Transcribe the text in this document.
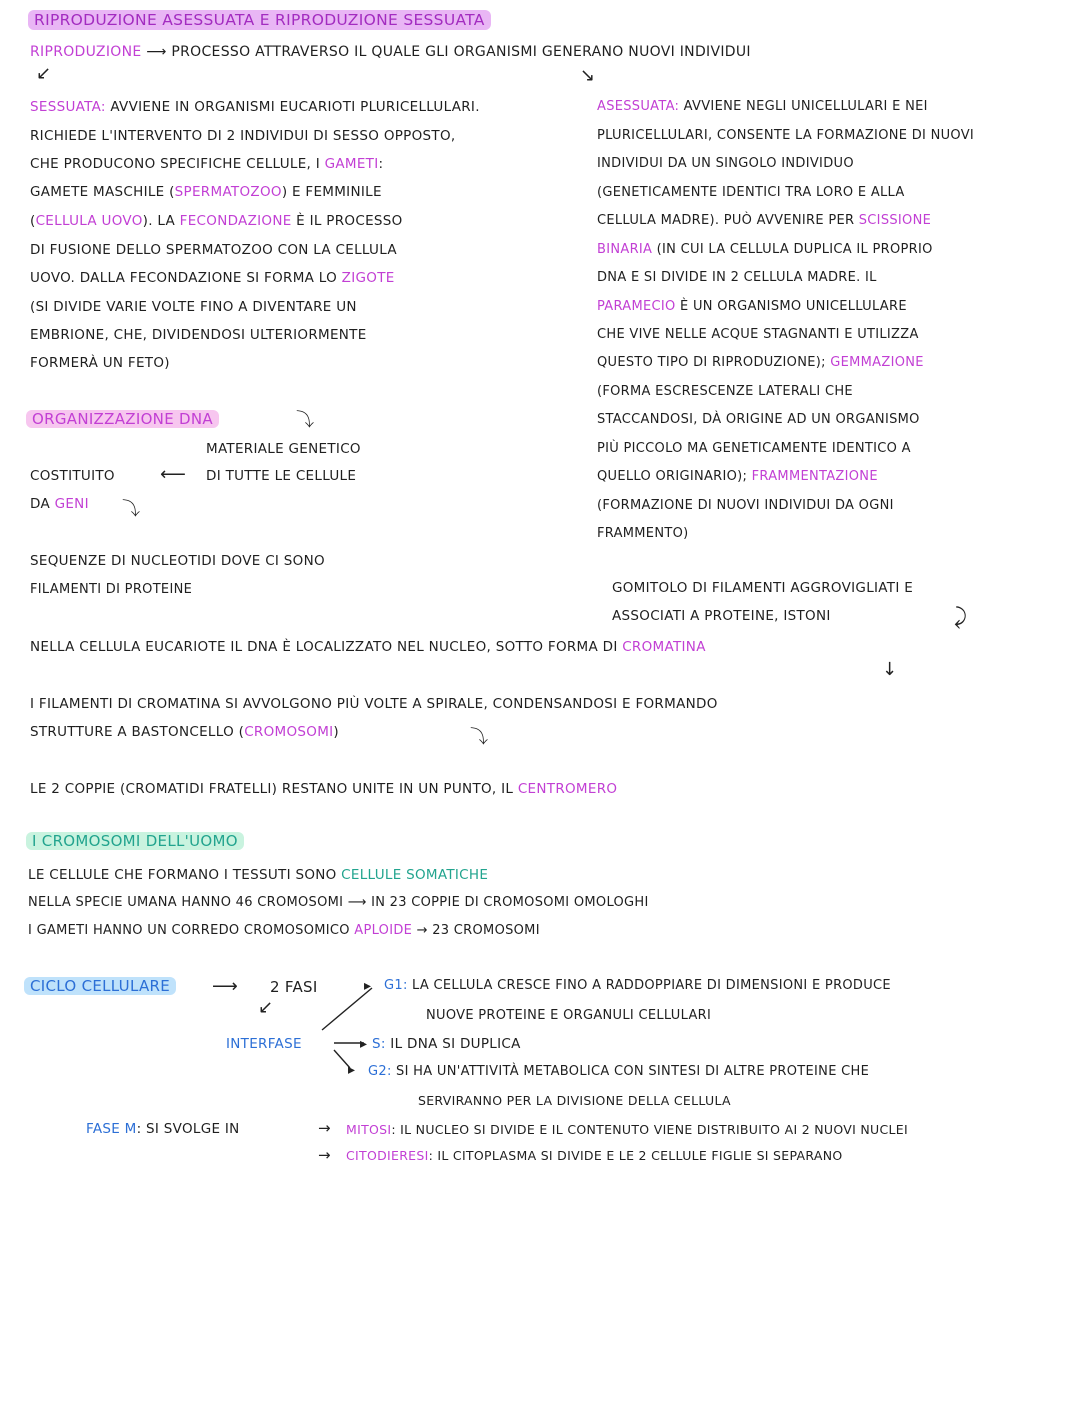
RIPRODUZIONE ASESSUATA E RIPRODUZIONE SESSUATA
RIPRODUZIONE ⟶ PROCESSO ATTRAVERSO IL QUALE GLI ORGANISMI GENERANO NUOVI INDIVIDUI
↙	↘
SESSUATA: AVVIENE IN ORGANISMI EUCARIOTI PLURICELLULARI.
RICHIEDE L'INTERVENTO DI 2 INDIVIDUI DI SESSO OPPOSTO,
CHE PRODUCONO SPECIFICHE CELLULE, I GAMETI:
GAMETE MASCHILE (SPERMATOZOO) E FEMMINILE
(CELLULA UOVO). LA FECONDAZIONE È IL PROCESSO
DI FUSIONE DELLO SPERMATOZOO CON LA CELLULA
UOVO. DALLA FECONDAZIONE SI FORMA LO ZIGOTE
(SI DIVIDE VARIE VOLTE FINO A DIVENTARE UN
EMBRIONE, CHE, DIVIDENDOSI ULTERIORMENTE
FORMERÀ UN FETO)
ASESSUATA: AVVIENE NEGLI UNICELLULARI E NEI
PLURICELLULARI, CONSENTE LA FORMAZIONE DI NUOVI
INDIVIDUI DA UN SINGOLO INDIVIDUO
(GENETICAMENTE IDENTICI TRA LORO E ALLA
CELLULA MADRE). PUÒ AVVENIRE PER SCISSIONE
BINARIA (IN CUI LA CELLULA DUPLICA IL PROPRIO
DNA E SI DIVIDE IN 2 CELLULA MADRE. IL
PARAMECIO È UN ORGANISMO UNICELLULARE
CHE VIVE NELLE ACQUE STAGNANTI E UTILIZZA
QUESTO TIPO DI RIPRODUZIONE); GEMMAZIONE
(FORMA ESCRESCENZE LATERALI CHE
STACCANDOSI, DÀ ORIGINE AD UN ORGANISMO
PIÙ PICCOLO MA GENETICAMENTE IDENTICO A
QUELLO ORIGINARIO); FRAMMENTAZIONE
(FORMAZIONE DI NUOVI INDIVIDUI DA OGNI
FRAMMENTO)
ORGANIZZAZIONE DNA	⤵
MATERIALE GENETICO
DI TUTTE LE CELLULE
COSTITUITO	⟵
DA GENI ⤵
SEQUENZE DI NUCLEOTIDI DOVE CI SONO
FILAMENTI DI PROTEINE	GOMITOLO DI FILAMENTI AGGROVIGLIATI E
ASSOCIATI A PROTEINE, ISTONI	⤸
NELLA CELLULA EUCARIOTE IL DNA È LOCALIZZATO NEL NUCLEO, SOTTO FORMA DI CROMATINA
↓
I FILAMENTI DI CROMATINA SI AVVOLGONO PIÙ VOLTE A SPIRALE, CONDENSANDOSI E FORMANDO
STRUTTURE A BASTONCELLO (CROMOSOMI)	⤵
LE 2 COPPIE (CROMATIDI FRATELLI) RESTANO UNITE IN UN PUNTO, IL CENTROMERO
I CROMOSOMI DELL'UOMO
LE CELLULE CHE FORMANO I TESSUTI SONO CELLULE SOMATICHE
NELLA SPECIE UMANA HANNO 46 CROMOSOMI ⟶ IN 23 COPPIE DI CROMOSOMI OMOLOGHI
I GAMETI HANNO UN CORREDO CROMOSOMICO APLOIDE → 23 CROMOSOMI
CICLO CELLULARE	⟶ 2 FASI
↙
INTERFASE
▸
▸
▸
G1: LA CELLULA CRESCE FINO A RADDOPPIARE DI DIMENSIONI E PRODUCE
NUOVE PROTEINE E ORGANULI CELLULARI
S: IL DNA SI DUPLICA
G2: SI HA UN'ATTIVITÀ METABOLICA CON SINTESI DI ALTRE PROTEINE CHE
SERVIRANNO PER LA DIVISIONE DELLA CELLULA
FASE M: SI SVOLGE IN	→ MITOSI: IL NUCLEO SI DIVIDE E IL CONTENUTO VIENE DISTRIBUITO AI 2 NUOVI NUCLEI
→ CITODIERESI: IL CITOPLASMA SI DIVIDE E LE 2 CELLULE FIGLIE SI SEPARANO
